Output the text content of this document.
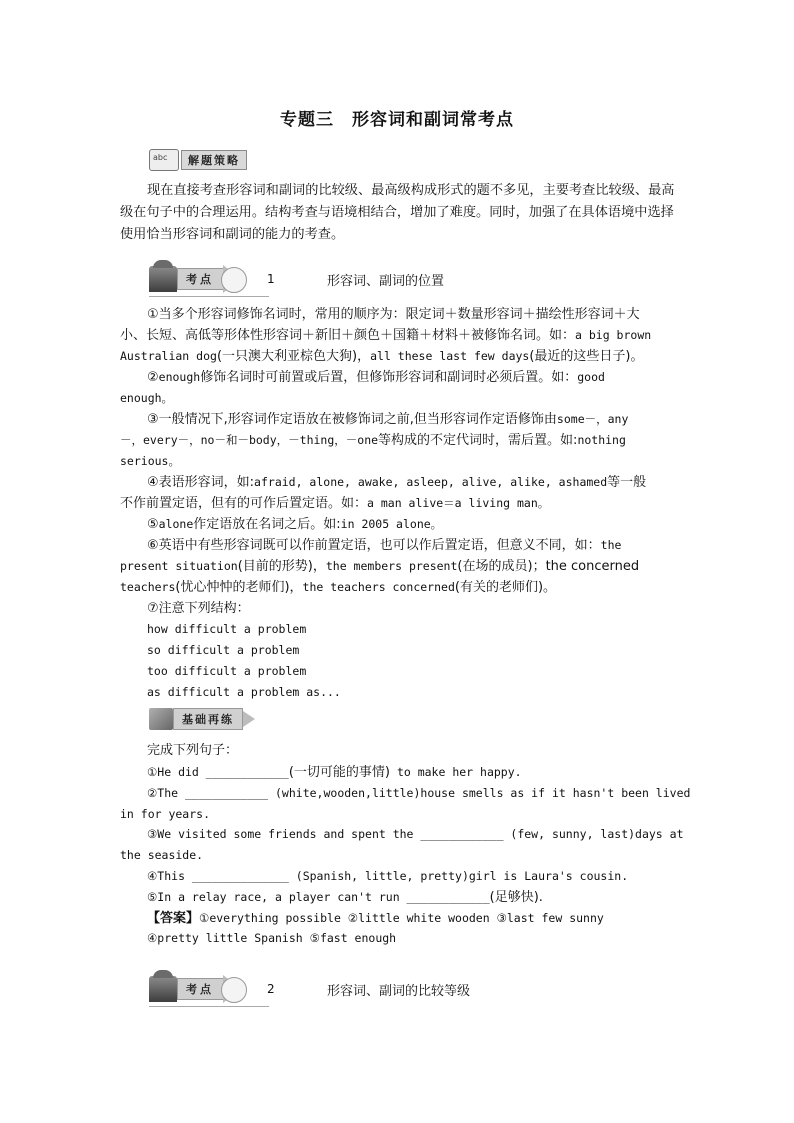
专题三　形容词和副词常考点
abc
解题策略
现在直接考查形容词和副词的比较级、最高级构成形式的题不多见，主要考查比较级、最高级在句子中的合理运用。结构考查与语境相结合，增加了难度。同时，加强了在具体语境中选择使用恰当形容词和副词的能力的考查。
考点	1	形容词、副词的位置
①当多个形容词修饰名词时，常用的顺序为：限定词＋数量形容词＋描绘性形容词＋大
小、长短、高低等形体性形容词＋新旧＋颜色＋国籍＋材料＋被修饰名词。如：a big brown
Australian dog(一只澳大利亚棕色大狗)，all these last few days(最近的这些日子)。
②enough修饰名词时可前置或后置，但修饰形容词和副词时必须后置。如：good
enough。
③一般情况下,形容词作定语放在被修饰词之前,但当形容词作定语修饰由some－，any
－，every－，no－和－body，－thing，－one等构成的不定代词时，需后置。如:nothing
serious。
④表语形容词，如:afraid, alone, awake, asleep, alive, alike, ashamed等一般
不作前置定语，但有的可作后置定语。如：a man alive＝a living man。
⑤alone作定语放在名词之后。如:in 2005 alone。
⑥英语中有些形容词既可以作前置定语，也可以作后置定语，但意义不同，如：the
present situation(目前的形势)，the members present(在场的成员)；the concerned
teachers(忧心忡忡的老师们)，the teachers concerned(有关的老师们)。
⑦注意下列结构：
how difficult a problem
so difficult a problem
too difficult a problem
as difficult a problem as...
基础再练
完成下列句子：
①He did ____________(一切可能的事情) to make her happy.
②The ____________ (white,wooden,little)house smells as if it hasn't been lived
in for years.
③We visited some friends and spent the ____________ (few, sunny, last)days at
the seaside.
④This ______________ (Spanish, little, pretty)girl is Laura's cousin.
⑤In a relay race, a player can't run ____________(足够快).
【答案】①everything possible ②little white wooden ③last few sunny
④pretty little Spanish ⑤fast enough
考点	2	形容词、副词的比较等级
